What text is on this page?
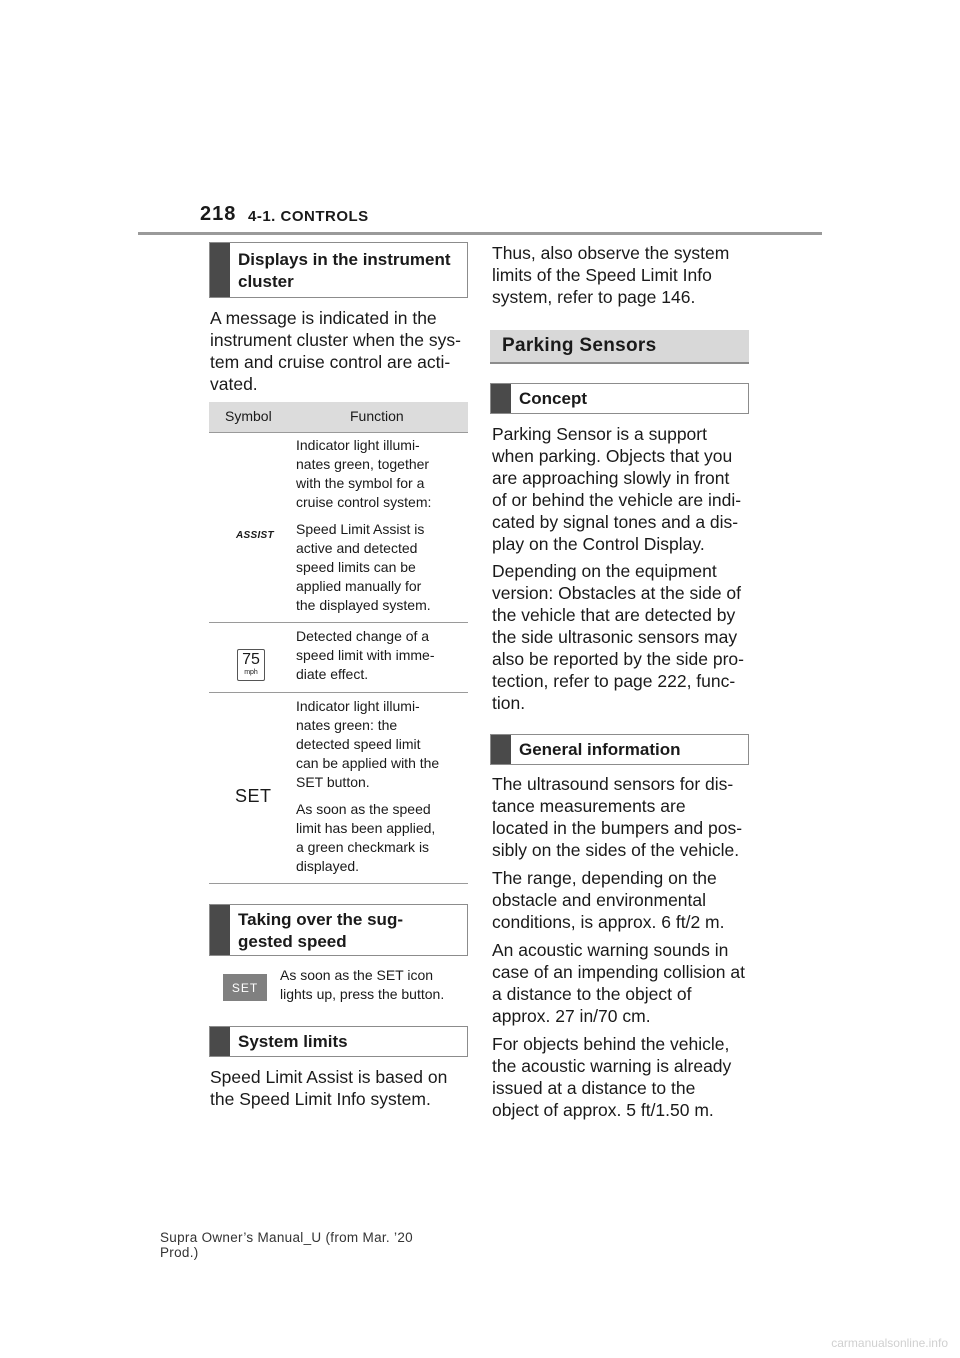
218 4-1. CONTROLS
Displays in the instrument
cluster
A message is indicated in the
instrument cluster when the sys-
tem and cruise control are acti-
vated.
Symbol	Function
ASSIST

Indicator light illumi-
nates green, together
with the symbol for a
cruise control system:

Speed Limit Assist is
active and detected
speed limits can be
applied manually for
the displayed system.

75
mph

Detected change of a
speed limit with imme-
diate effect.

SET

Indicator light illumi-
nates green: the
detected speed limit
can be applied with the
SET button.

As soon as the speed
limit has been applied,
a green checkmark is
displayed.

Taking over the sug-
gested speed
SET
As soon as the SET icon
lights up, press the button.
System limits
Speed Limit Assist is based on
the Speed Limit Info system.
Thus, also observe the system
limits of the Speed Limit Info
system, refer to page 146.
Parking Sensors
Concept
Parking Sensor is a support
when parking. Objects that you
are approaching slowly in front
of or behind the vehicle are indi-
cated by signal tones and a dis-
play on the Control Display.
Depending on the equipment
version: Obstacles at the side of
the vehicle that are detected by
the side ultrasonic sensors may
also be reported by the side pro-
tection, refer to page 222, func-
tion.
General information
The ultrasound sensors for dis-
tance measurements are
located in the bumpers and pos-
sibly on the sides of the vehicle.
The range, depending on the
obstacle and environmental
conditions, is approx. 6 ft/2 m.
An acoustic warning sounds in
case of an impending collision at
a distance to the object of
approx. 27 in/70 cm.
For objects behind the vehicle,
the acoustic warning is already
issued at a distance to the
object of approx. 5 ft/1.50 m.
Supra Owner’s Manual_U (from Mar. ’20
Prod.)
carmanualsonline.info
